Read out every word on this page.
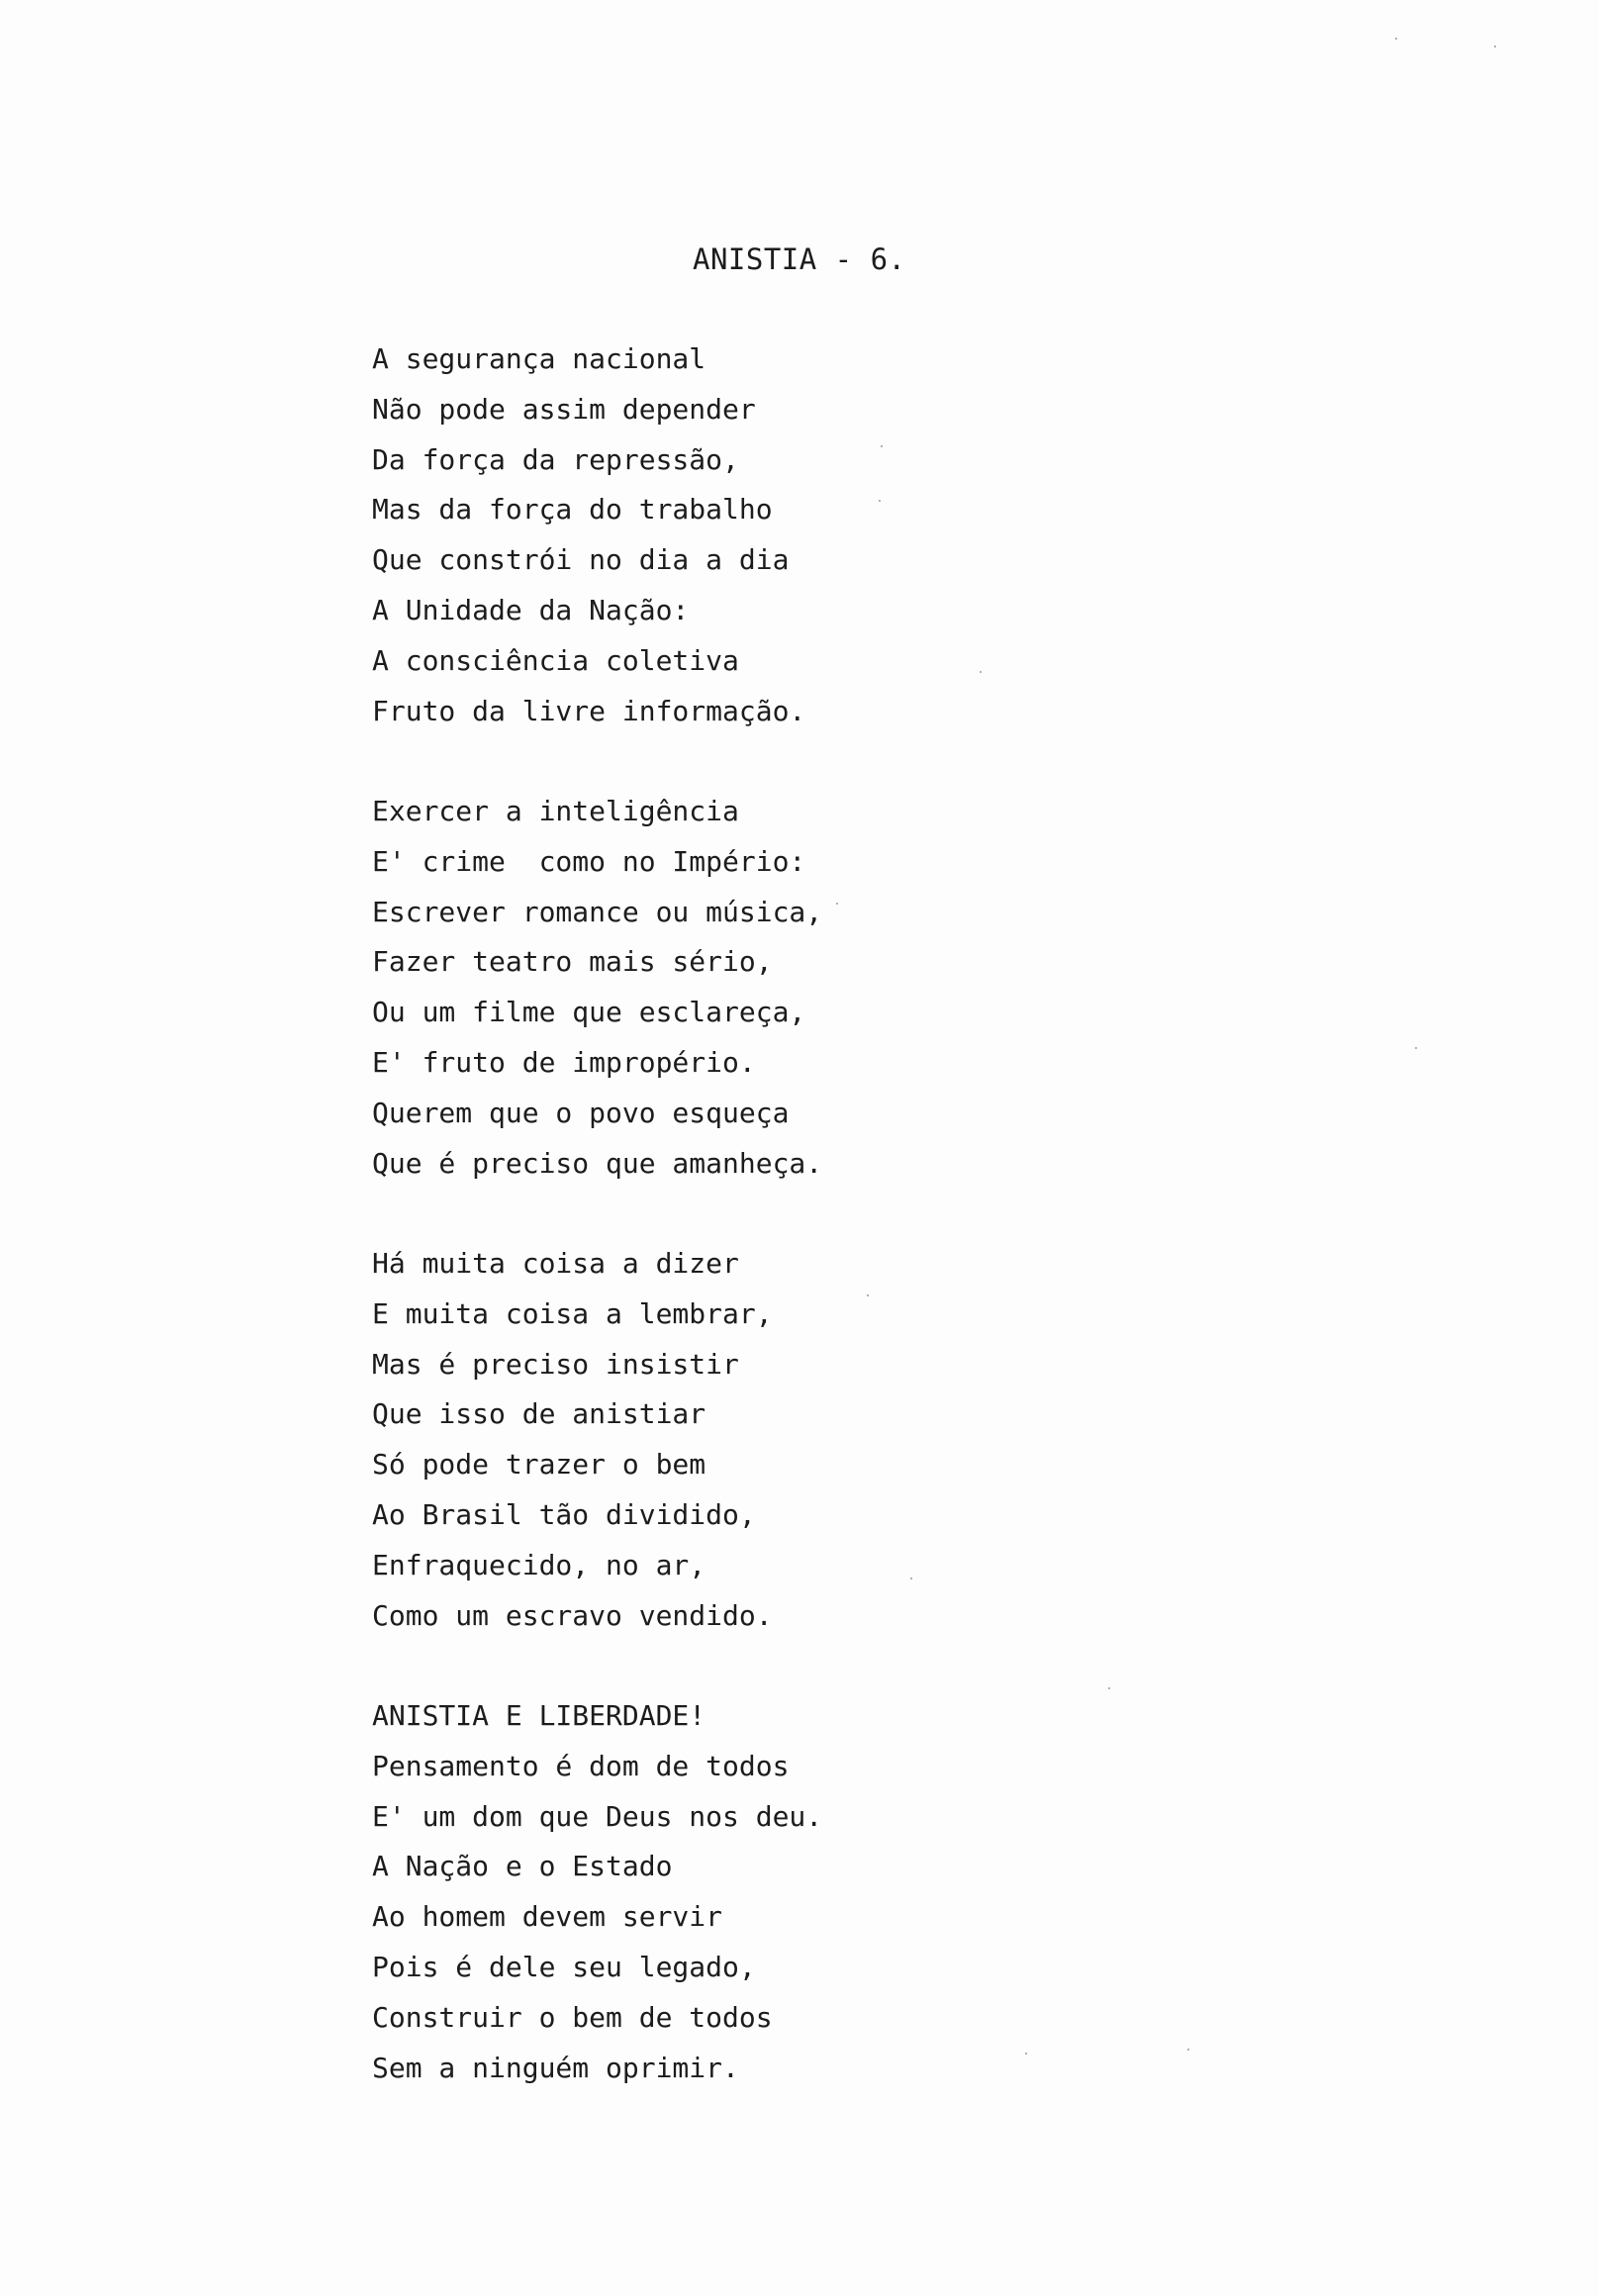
ANISTIA - 6.
A segurança nacional
Não pode assim depender
Da força da repressão,
Mas da força do trabalho
Que constrói no dia a dia
A Unidade da Nação:
A consciência coletiva
Fruto da livre informação.
Exercer a inteligência
E' crime  como no Império:
Escrever romance ou música,
Fazer teatro mais sério,
Ou um filme que esclareça,
E' fruto de impropério.
Querem que o povo esqueça
Que é preciso que amanheça.
Há muita coisa a dizer
E muita coisa a lembrar,
Mas é preciso insistir
Que isso de anistiar
Só pode trazer o bem
Ao Brasil tão dividido,
Enfraquecido, no ar,
Como um escravo vendido.
ANISTIA E LIBERDADE!
Pensamento é dom de todos
E' um dom que Deus nos deu.
A Nação e o Estado
Ao homem devem servir
Pois é dele seu legado,
Construir o bem de todos
Sem a ninguém oprimir.
